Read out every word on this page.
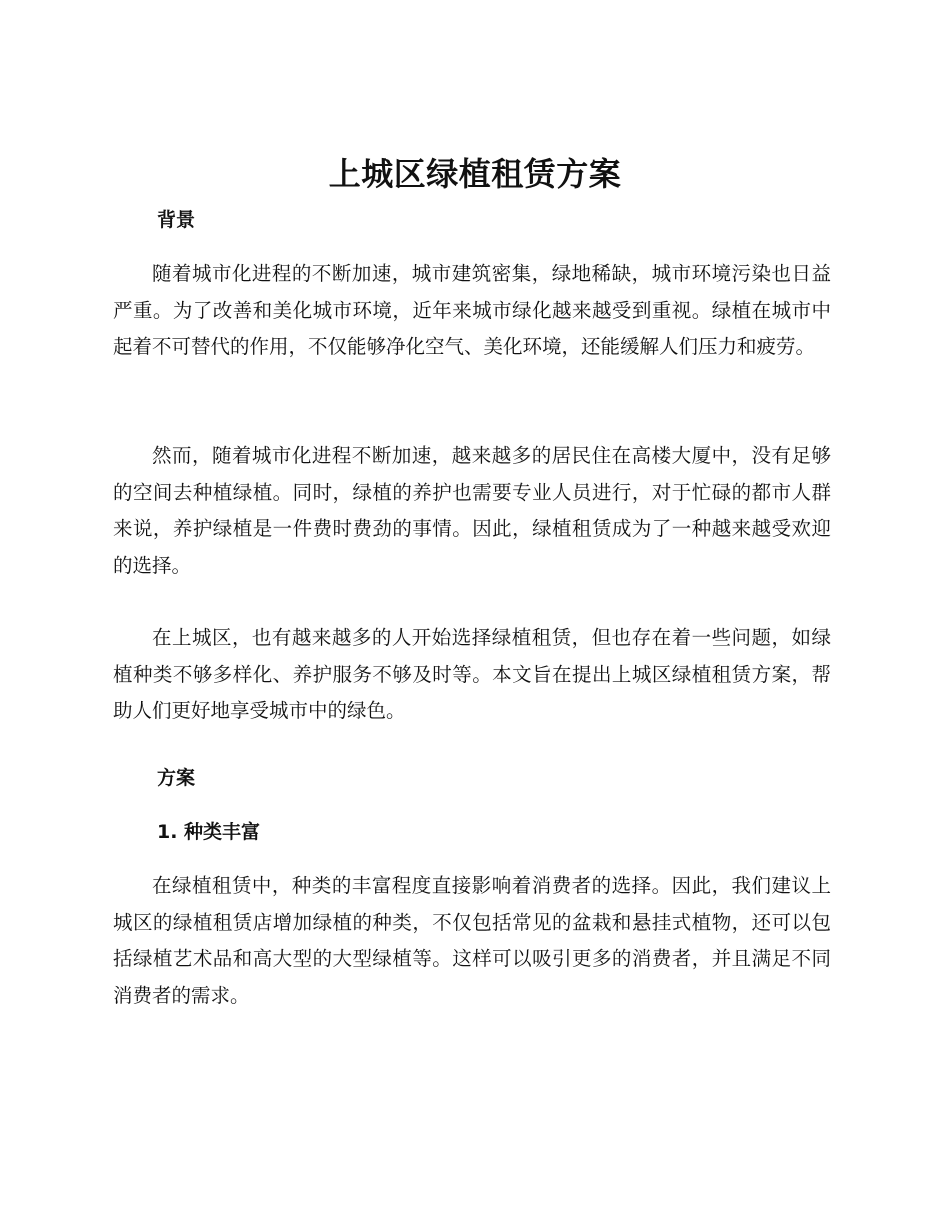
上城区绿植租赁方案
背景

随着城市化进程的不断加速，城市建筑密集，绿地稀缺，城市环境污染也日益严重。为了改善和美化城市环境，近年来城市绿化越来越受到重视。绿植在城市中起着不可替代的作用，不仅能够净化空气、美化环境，还能缓解人们压力和疲劳。

然而，随着城市化进程不断加速，越来越多的居民住在高楼大厦中，没有足够的空间去种植绿植。同时，绿植的养护也需要专业人员进行，对于忙碌的都市人群来说，养护绿植是一件费时费劲的事情。因此，绿植租赁成为了一种越来越受欢迎的选择。

在上城区，也有越来越多的人开始选择绿植租赁，但也存在着一些问题，如绿植种类不够多样化、养护服务不够及时等。本文旨在提出上城区绿植租赁方案，帮助人们更好地享受城市中的绿色。

方案
1. 种类丰富

在绿植租赁中，种类的丰富程度直接影响着消费者的选择。因此，我们建议上城区的绿植租赁店增加绿植的种类，不仅包括常见的盆栽和悬挂式植物，还可以包括绿植艺术品和高大型的大型绿植等。这样可以吸引更多的消费者，并且满足不同消费者的需求。
